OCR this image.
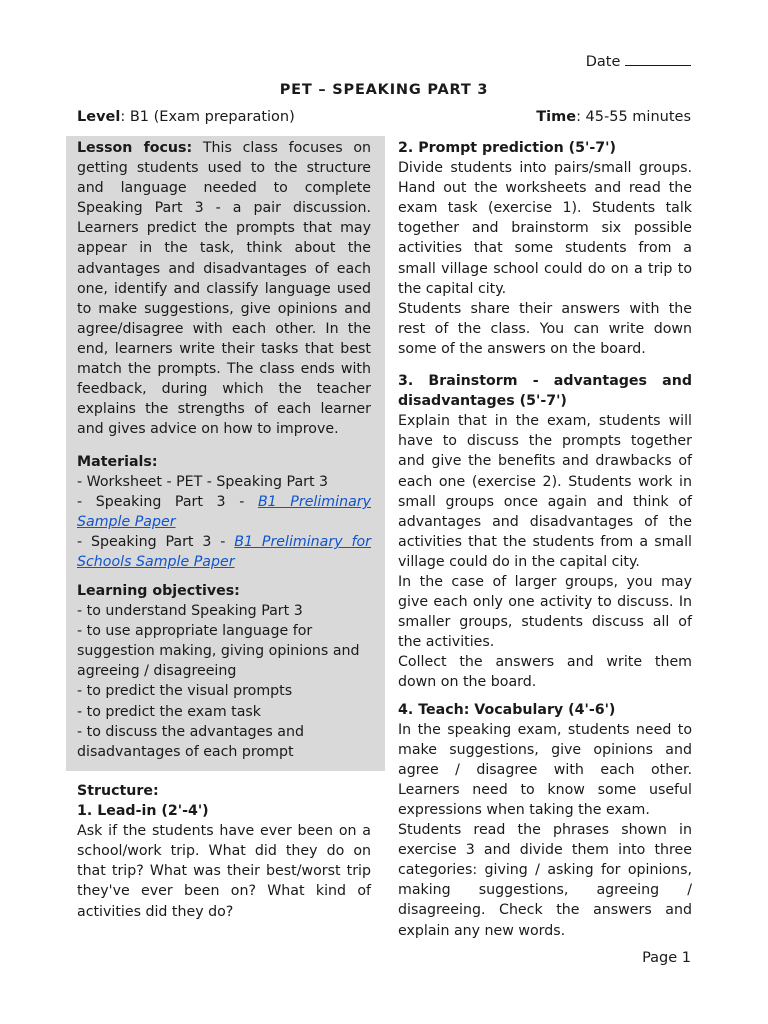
Date
PET – SPEAKING PART 3
Level: B1 (Exam preparation)	Time: 45-55 minutes

Lesson focus: This class focuses on getting students used to the structure and language needed to complete Speaking Part 3 - a pair discussion. Learners predict the prompts that may appear in the task, think about the advantages and disadvantages of each one, identify and classify language used to make suggestions, give opinions and agree/disagree with each other. In the end, learners write their tasks that best match the prompts. The class ends with feedback, during which the teacher explains the strengths of each learner and gives advice on how to improve.

Materials:

- Worksheet - PET - Speaking Part 3

- Speaking Part 3 - B1 Preliminary Sample Paper

- Speaking Part 3 - B1 Preliminary for Schools Sample Paper

Learning objectives:

- to understand Speaking Part 3

- to use appropriate language for suggestion making, giving opinions and agreeing / disagreeing

- to predict the visual prompts

- to predict the exam task

- to discuss the advantages and disadvantages of each prompt

Structure:

1. Lead-in (2'-4')

Ask if the students have ever been on a school/work trip. What did they do on that trip? What was their best/worst trip they've ever been on? What kind of activities did they do?

2. Prompt prediction (5'-7')

Divide students into pairs/small groups. Hand out the worksheets and read the exam task (exercise 1). Students talk together and brainstorm six possible activities that some students from a small village school could do on a trip to the capital city.

Students share their answers with the rest of the class. You can write down some of the answers on the board.

3. Brainstorm - advantages and disadvantages (5'-7')

Explain that in the exam, students will have to discuss the prompts together and give the benefits and drawbacks of each one (exercise 2). Students work in small groups once again and think of advantages and disadvantages of the activities that the students from a small village could do in the capital city.

In the case of larger groups, you may give each only one activity to discuss. In smaller groups, students discuss all of the activities.

Collect the answers and write them down on the board.

4. Teach: Vocabulary (4'-6')

In the speaking exam, students need to make suggestions, give opinions and agree / disagree with each other. Learners need to know some useful expressions when taking the exam.

Students read the phrases shown in exercise 3 and divide them into three categories: giving / asking for opinions, making suggestions, agreeing / disagreeing. Check the answers and explain any new words.

Page 1
